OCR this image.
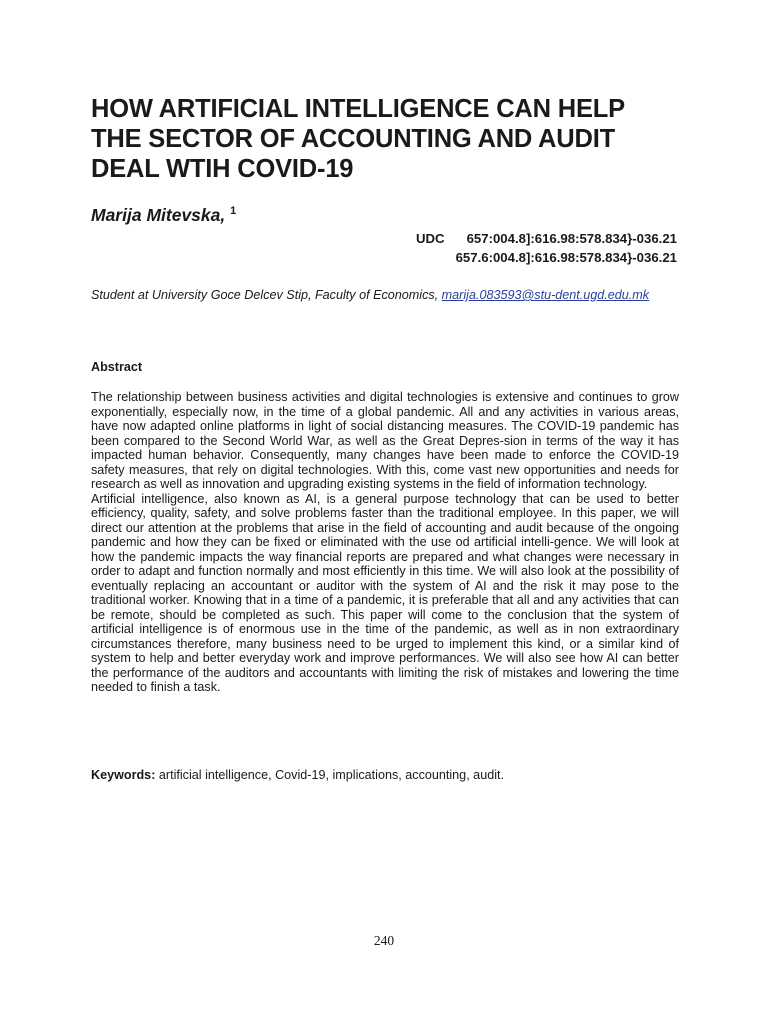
HOW ARTIFICIAL INTELLIGENCE CAN HELP
THE SECTOR OF ACCOUNTING AND AUDIT
DEAL WTIH COVID-19

Marija Mitevska, $^1$

UDC 657:004.8]:616.98:578.834}-036.21
657.6:004.8]:616.98:578.834}-036.21
Student at University Goce Delcev Stip, Faculty of Economics, marija.083593@stu-dent.ugd.edu.mk
Abstract

The relationship between business activities and digital technologies is extensive and continues to grow exponentially, especially now, in the time of a global pandemic. All and any activities in various areas, have now adapted online platforms in light of social distancing measures. The COVID-19 pandemic has been compared to the Second World War, as well as the Great Depres-sion in terms of the way it has impacted human behavior. Consequently, many changes have been made to enforce the COVID-19 safety measures, that rely on digital technologies. With this, come vast new opportunities and needs for research as well as innovation and upgrading existing systems in the field of information technology.

Artificial intelligence, also known as AI, is a general purpose technology that can be used to better efficiency, quality, safety, and solve problems faster than the traditional employee. In this paper, we will direct our attention at the problems that arise in the field of accounting and audit because of the ongoing pandemic and how they can be fixed or eliminated with the use od artificial intelli-gence. We will look at how the pandemic impacts the way financial reports are prepared and what changes were necessary in order to adapt and function normally and most efficiently in this time. We will also look at the possibility of eventually replacing an accountant or auditor with the system of AI and the risk it may pose to the traditional worker. Knowing that in a time of a pandemic, it is preferable that all and any activities that can be remote, should be completed as such. This paper will come to the conclusion that the system of artificial intelligence is of enormous use in the time of the pandemic, as well as in non extraordinary circumstances therefore, many business need to be urged to implement this kind, or a similar kind of system to help and better everyday work and improve performances. We will also see how AI can better the performance of the auditors and accountants with limiting the risk of mistakes and lowering the time needed to finish a task.

Keywords: artificial intelligence, Covid-19, implications, accounting, audit.
240
